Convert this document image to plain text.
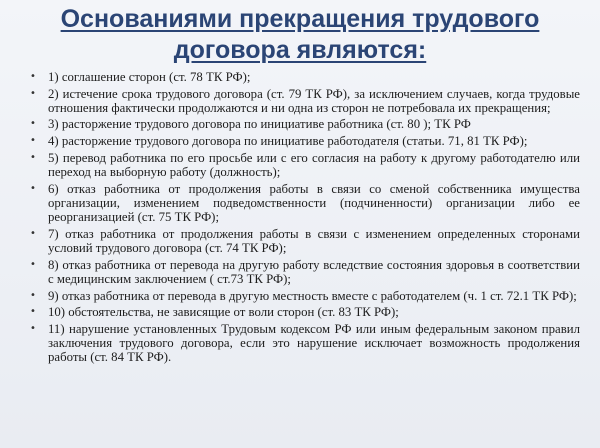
Основаниями прекращения трудового договора являются:
• 1) соглашение сторон (ст. 78 ТК РФ);
• 2) истечение срока трудового договора (ст. 79 ТК РФ), за исключением случаев, когда трудовые отношения фактически продолжаются и ни одна из сторон не потребовала их прекращения;
• 3) расторжение трудового договора по инициативе работника (ст. 80 ); ТК РФ
• 4) расторжение трудового договора по инициативе работодателя (статьи. 71, 81 ТК РФ);
• 5) перевод работника по его просьбе или с его согласия на работу к другому работодателю или переход на выборную работу (должность);
• 6) отказ работника от продолжения работы в связи со сменой собственника имущества организации, изменением подведомственности (подчиненности) организации либо ее реорганизацией (ст. 75 ТК РФ);
• 7) отказ работника от продолжения работы в связи с изменением определенных сторонами условий трудового договора (ст. 74 ТК РФ);
• 8) отказ работника от перевода на другую работу вследствие состояния здоровья в соответствии с медицинским заключением ( ст.73 ТК РФ);
• 9) отказ работника от перевода в другую местность вместе с работодателем (ч. 1 ст. 72.1 ТК РФ);
• 10) обстоятельства, не зависящие от воли сторон (ст. 83 ТК РФ);
• 11) нарушение установленных Трудовым кодексом РФ или иным федеральным законом правил заключения трудового договора, если это нарушение исключает возможность продолжения работы (ст. 84 ТК РФ).
